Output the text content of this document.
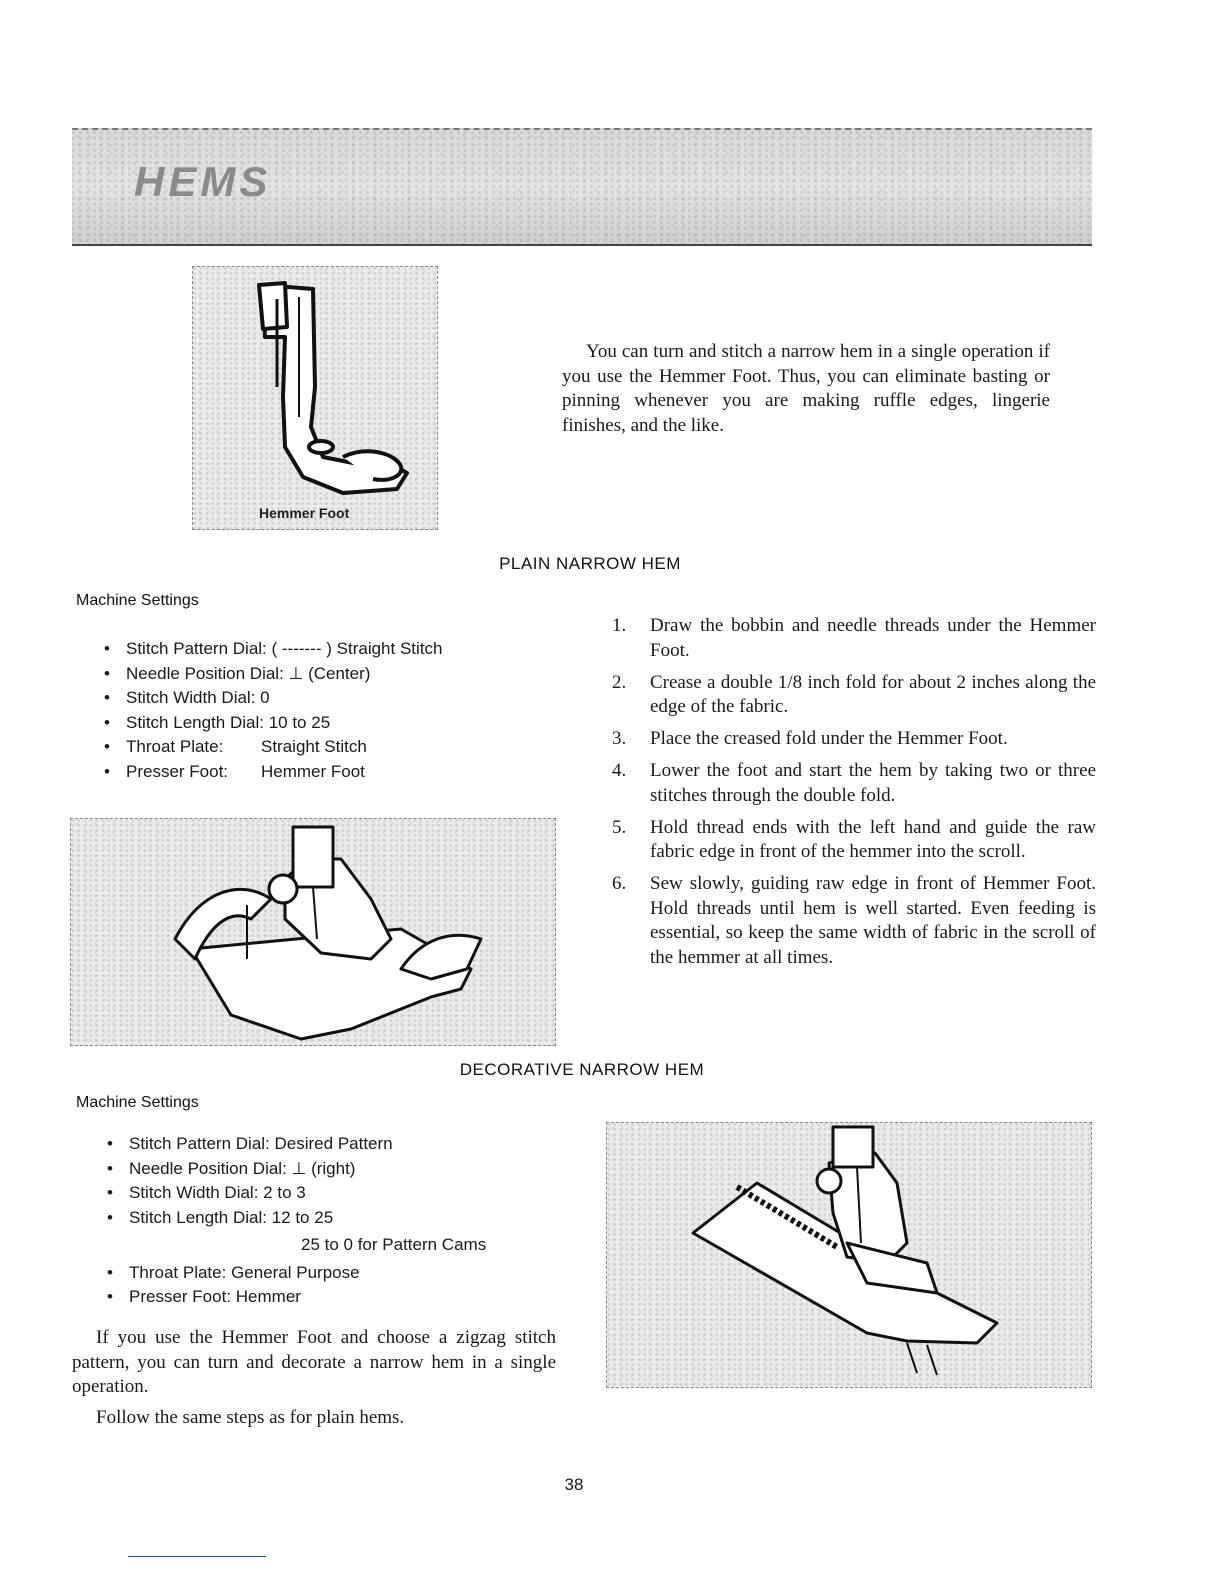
HEMS
Hemmer Foot
You can turn and stitch a narrow hem in a single operation if you use the Hemmer Foot. Thus, you can eliminate basting or pinning whenever you are making ruffle edges, lingerie finishes, and the like.
PLAIN NARROW HEM
Machine Settings
• Stitch Pattern Dial: ( ------- ) Straight Stitch
• Needle Position Dial: ⊥ (Center)
• Stitch Width Dial: 0
• Stitch Length Dial: 10 to 25
• Throat Plate: Straight Stitch
• Presser Foot: Hemmer Foot
1. Draw the bobbin and needle threads under the Hemmer Foot.
2. Crease a double 1/8 inch fold for about 2 inches along the edge of the fabric.
3. Place the creased fold under the Hemmer Foot.
4. Lower the foot and start the hem by taking two or three stitches through the double fold.
5. Hold thread ends with the left hand and guide the raw fabric edge in front of the hemmer into the scroll.
6. Sew slowly, guiding raw edge in front of Hemmer Foot. Hold threads until hem is well started. Even feeding is essential, so keep the same width of fabric in the scroll of the hemmer at all times.
DECORATIVE NARROW HEM
Machine Settings
• Stitch Pattern Dial: Desired Pattern
• Needle Position Dial: ⊥ (right)
• Stitch Width Dial: 2 to 3
• Stitch Length Dial: 12 to 25
25 to 0 for Pattern Cams
• Throat Plate: General Purpose
• Presser Foot: Hemmer
If you use the Hemmer Foot and choose a zigzag stitch pattern, you can turn and decorate a narrow hem in a single operation.
Follow the same steps as for plain hems.
38
